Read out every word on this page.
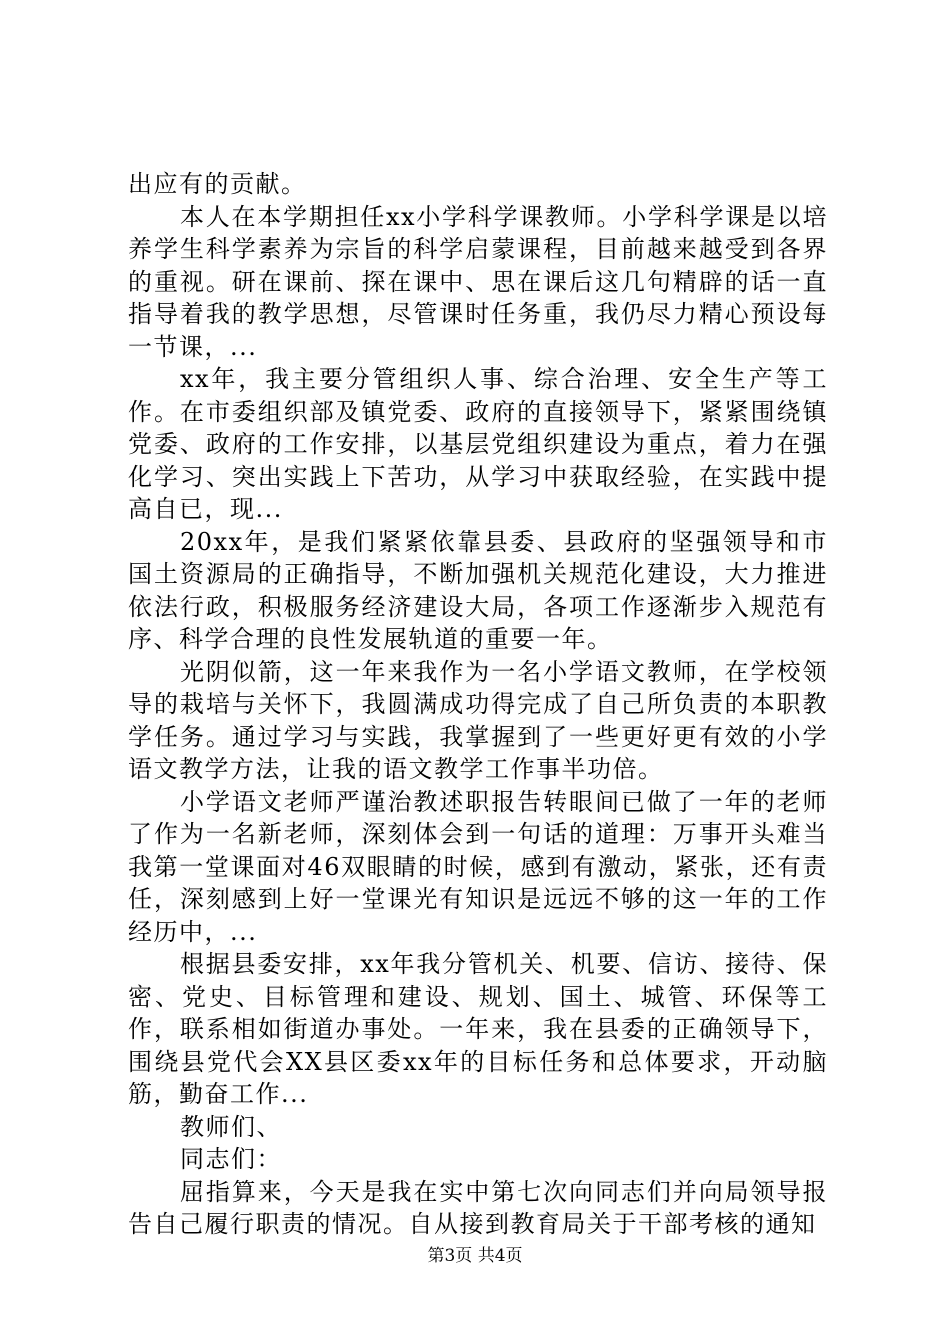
出应有的贡献。

本人在本学期担任xx小学科学课教师。小学科学课是以培养学生科学素养为宗旨的科学启蒙课程，目前越来越受到各界的重视。研在课前、探在课中、思在课后这几句精辟的话一直指导着我的教学思想，尽管课时任务重，我仍尽力精心预设每一节课，...

xx年，我主要分管组织人事、综合治理、安全生产等工作。在市委组织部及镇党委、政府的直接领导下，紧紧围绕镇党委、政府的工作安排，以基层党组织建设为重点，着力在强化学习、突出实践上下苦功，从学习中获取经验，在实践中提高自已，现...

20xx年，是我们紧紧依靠县委、县政府的坚强领导和市国土资源局的正确指导，不断加强机关规范化建设，大力推进依法行政，积极服务经济建设大局，各项工作逐渐步入规范有序、科学合理的良性发展轨道的重要一年。

光阴似箭，这一年来我作为一名小学语文教师，在学校领导的栽培与关怀下，我圆满成功得完成了自己所负责的本职教学任务。通过学习与实践，我掌握到了一些更好更有效的小学语文教学方法，让我的语文教学工作事半功倍。

小学语文老师严谨治教述职报告转眼间已做了一年的老师了作为一名新老师，深刻体会到一句话的道理：万事开头难当我第一堂课面对46双眼睛的时候，感到有激动，紧张，还有责任，深刻感到上好一堂课光有知识是远远不够的这一年的工作经历中，...

根据县委安排，xx年我分管机关、机要、信访、接待、保密、党史、目标管理和建设、规划、国土、城管、环保等工作，联系相如街道办事处。一年来，我在县委的正确领导下，围绕县党代会XX县区委xx年的目标任务和总体要求，开动脑筋，勤奋工作...

教师们、

同志们：

屈指算来，今天是我在实中第七次向同志们并向局领导报告自己履行职责的情况。自从接到教育局关于干部考核的通知

第3页 共4页
